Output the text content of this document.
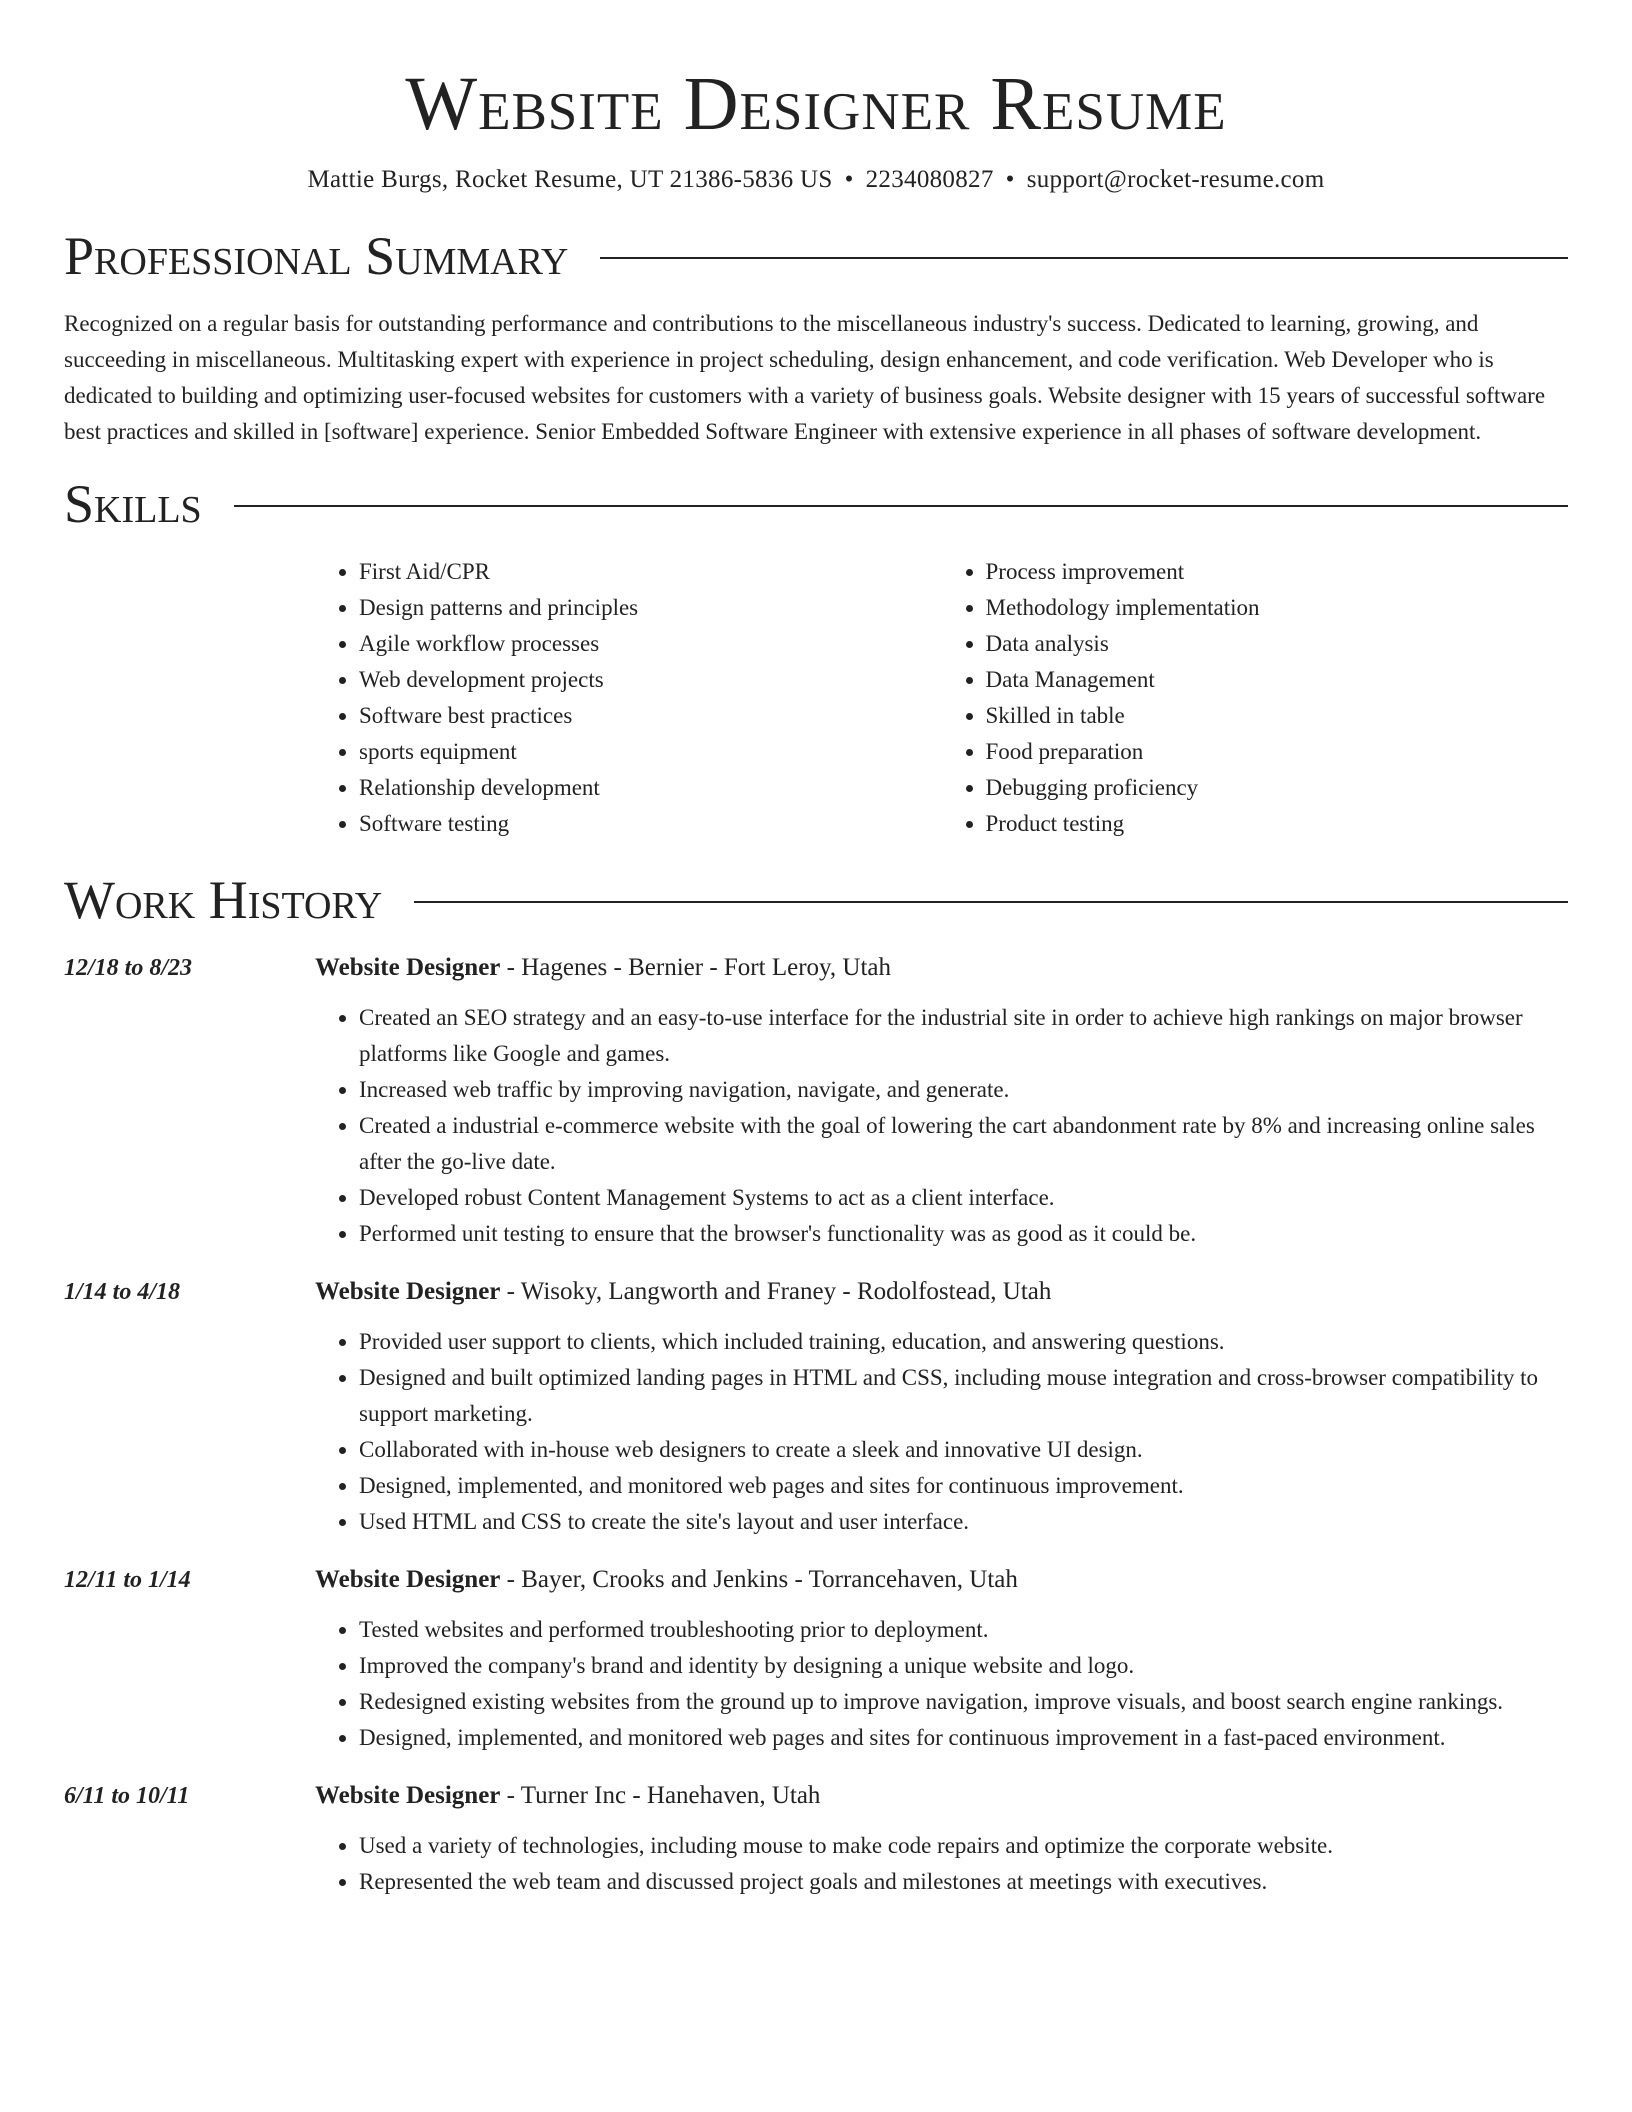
Website Designer Resume
Mattie Burgs, Rocket Resume, UT 21386-5836 US • 2234080827 • support@rocket-resume.com
Professional Summary

Recognized on a regular basis for outstanding performance and contributions to the miscellaneous industry's success. Dedicated to learning, growing, and succeeding in miscellaneous. Multitasking expert with experience in project scheduling, design enhancement, and code verification. Web Developer who is dedicated to building and optimizing user-focused websites for customers with a variety of business goals. Website designer with 15 years of successful software best practices and skilled in [software] experience. Senior Embedded Software Engineer with extensive experience in all phases of software development.

Skills
• First Aid/CPR
• Design patterns and principles
• Agile workflow processes
• Web development projects
• Software best practices
• sports equipment
• Relationship development
• Software testing
• Process improvement
• Methodology implementation
• Data analysis
• Data Management
• Skilled in table
• Food preparation
• Debugging proficiency
• Product testing
Work History
12/18 to 8/23	Website Designer - Hagenes - Bernier - Fort Leroy, Utah
• Created an SEO strategy and an easy-to-use interface for the industrial site in order to achieve high rankings on major browser platforms like Google and games.
• Increased web traffic by improving navigation, navigate, and generate.
• Created a industrial e-commerce website with the goal of lowering the cart abandonment rate by 8% and increasing online sales after the go-live date.
• Developed robust Content Management Systems to act as a client interface.
• Performed unit testing to ensure that the browser's functionality was as good as it could be.
1/14 to 4/18	Website Designer - Wisoky, Langworth and Franey - Rodolfostead, Utah
• Provided user support to clients, which included training, education, and answering questions.
• Designed and built optimized landing pages in HTML and CSS, including mouse integration and cross-browser compatibility to support marketing.
• Collaborated with in-house web designers to create a sleek and innovative UI design.
• Designed, implemented, and monitored web pages and sites for continuous improvement.
• Used HTML and CSS to create the site's layout and user interface.
12/11 to 1/14	Website Designer - Bayer, Crooks and Jenkins - Torrancehaven, Utah
• Tested websites and performed troubleshooting prior to deployment.
• Improved the company's brand and identity by designing a unique website and logo.
• Redesigned existing websites from the ground up to improve navigation, improve visuals, and boost search engine rankings.
• Designed, implemented, and monitored web pages and sites for continuous improvement in a fast-paced environment.
6/11 to 10/11	Website Designer - Turner Inc - Hanehaven, Utah
• Used a variety of technologies, including mouse to make code repairs and optimize the corporate website.
• Represented the web team and discussed project goals and milestones at meetings with executives.
